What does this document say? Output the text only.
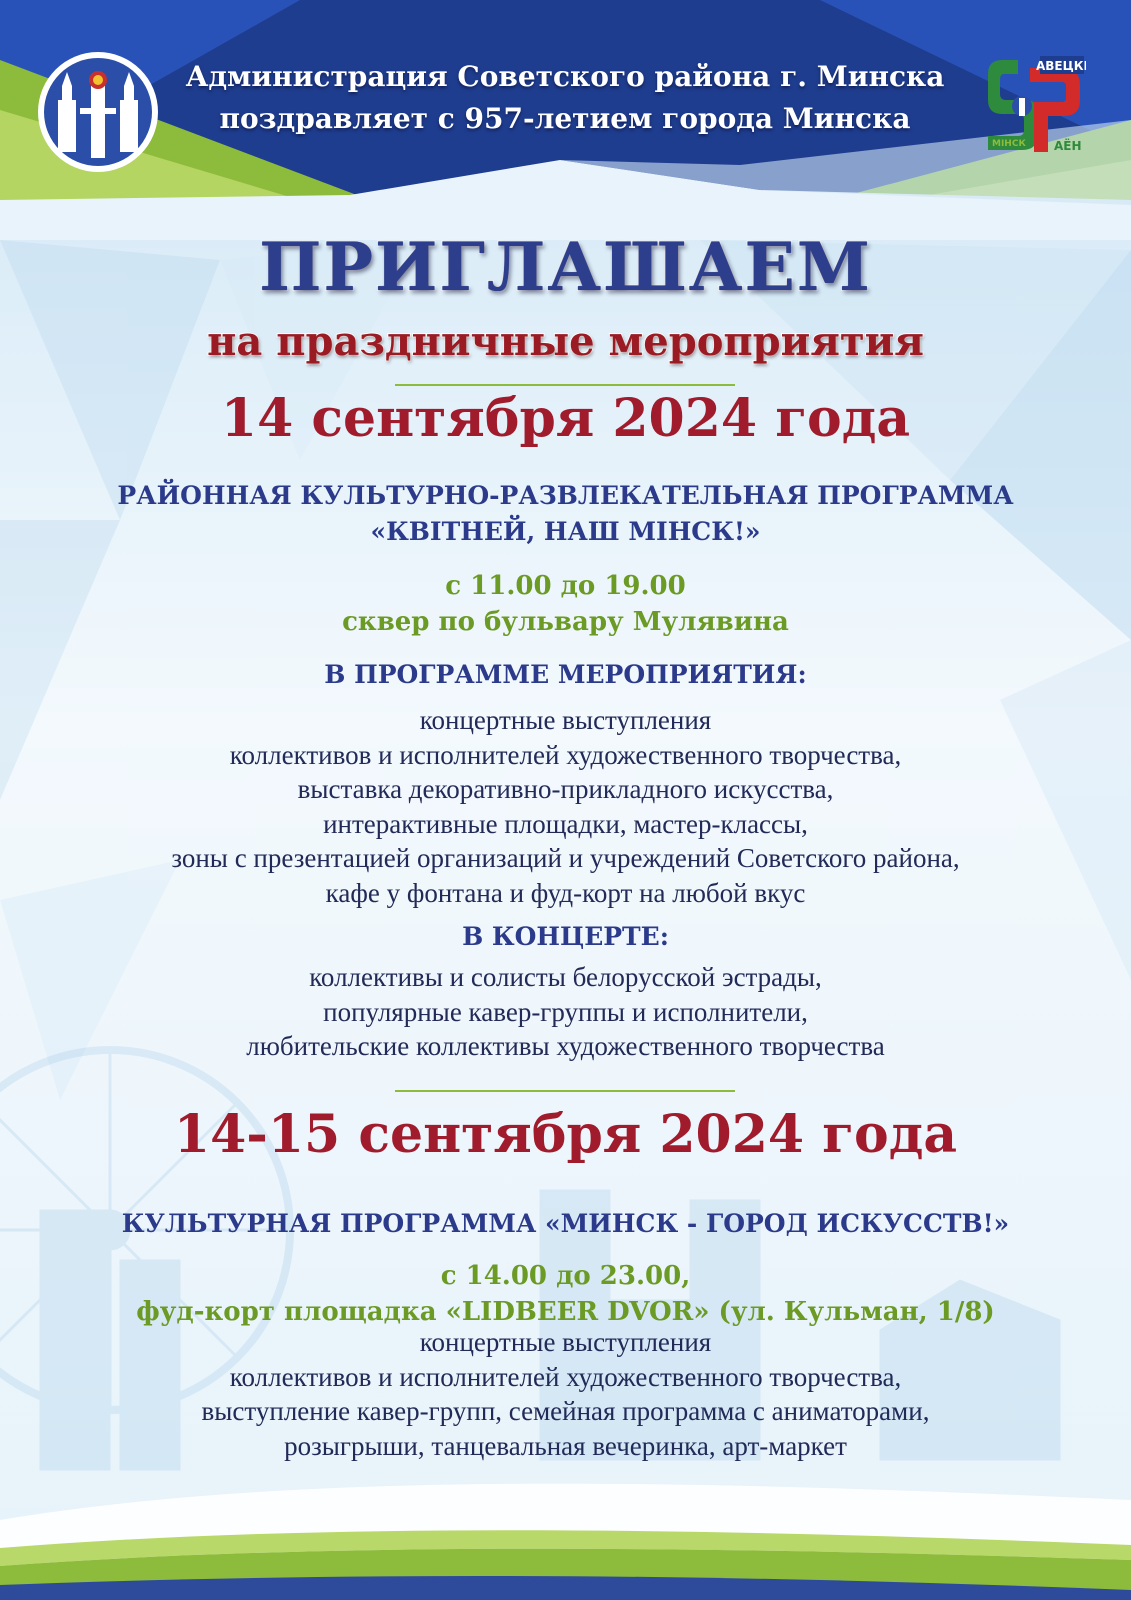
АВЕЦКІ
МІНСК АЁН
Администрация Советского района г. Минска
поздравляет с 957-летием города Минска
ПРИГЛАШАЕМ
на праздничные мероприятия
14 сентября 2024 года
РАЙОННАЯ КУЛЬТУРНО-РАЗВЛЕКАТЕЛЬНАЯ ПРОГРАММА
«КВІТНЕЙ, НАШ МІНСК!»
с 11.00 до 19.00
сквер по бульвару Мулявина
В ПРОГРАММЕ МЕРОПРИЯТИЯ:
концертные выступления
коллективов и исполнителей художественного творчества,
выставка декоративно-прикладного искусства,
интерактивные площадки, мастер-классы,
зоны с презентацией организаций и учреждений Советского района,
кафе у фонтана и фуд-корт на любой вкус
В КОНЦЕРТЕ:
коллективы и солисты белорусской эстрады,
популярные кавер-группы и исполнители,
любительские коллективы художественного творчества
14-15 сентября 2024 года
КУЛЬТУРНАЯ ПРОГРАММА «МИНСК - ГОРОД ИСКУССТВ!»
с 14.00 до 23.00,
фуд-корт площадка «LIDBEER DVOR» (ул. Кульман, 1/8)
концертные выступления
коллективов и исполнителей художественного творчества,
выступление кавер-групп, семейная программа с аниматорами,
розыгрыши, танцевальная вечеринка, арт-маркет
